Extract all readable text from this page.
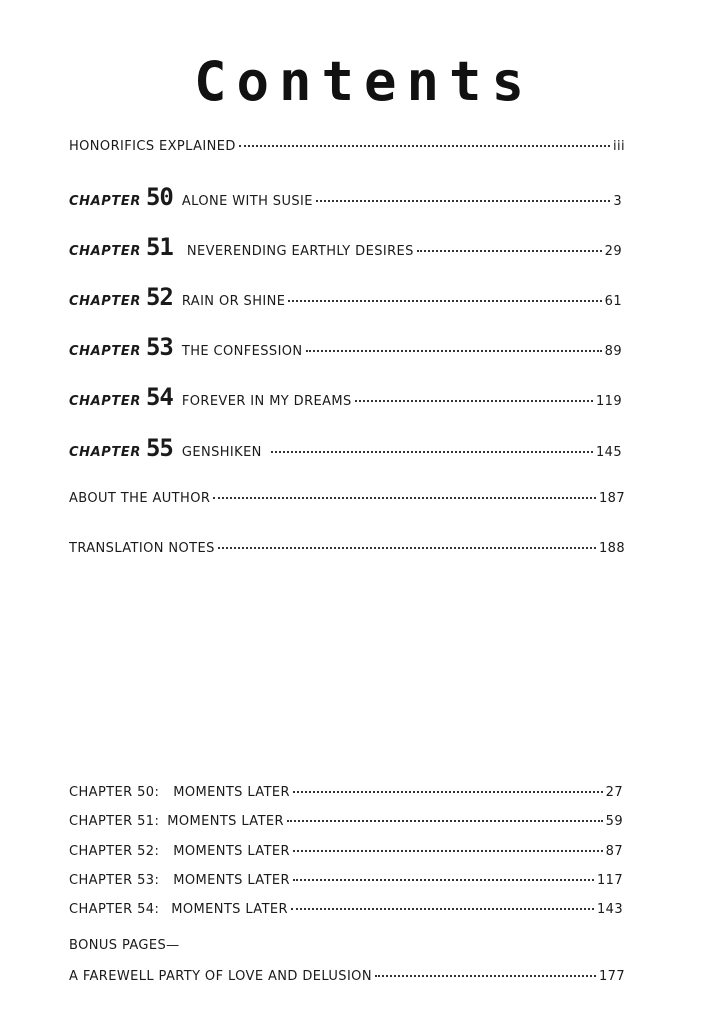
Contents
HONORIFICS EXPLAINED	iii
CHAPTER 50 ALONE WITH SUSIE	3
CHAPTER 51 NEVERENDING EARTHLY DESIRES	29
CHAPTER 52 RAIN OR SHINE	61
CHAPTER 53 THE CONFESSION	89
CHAPTER 54 FOREVER IN MY DREAMS	119
CHAPTER 55 GENSHIKEN	145
ABOUT THE AUTHOR	187
TRANSLATION NOTES	188
CHAPTER 50: MOMENTS LATER	27
CHAPTER 51: MOMENTS LATER	59
CHAPTER 52: MOMENTS LATER	87
CHAPTER 53: MOMENTS LATER	117
CHAPTER 54: MOMENTS LATER	143
BONUS PAGES—
A FAREWELL PARTY OF LOVE AND DELUSION	177
